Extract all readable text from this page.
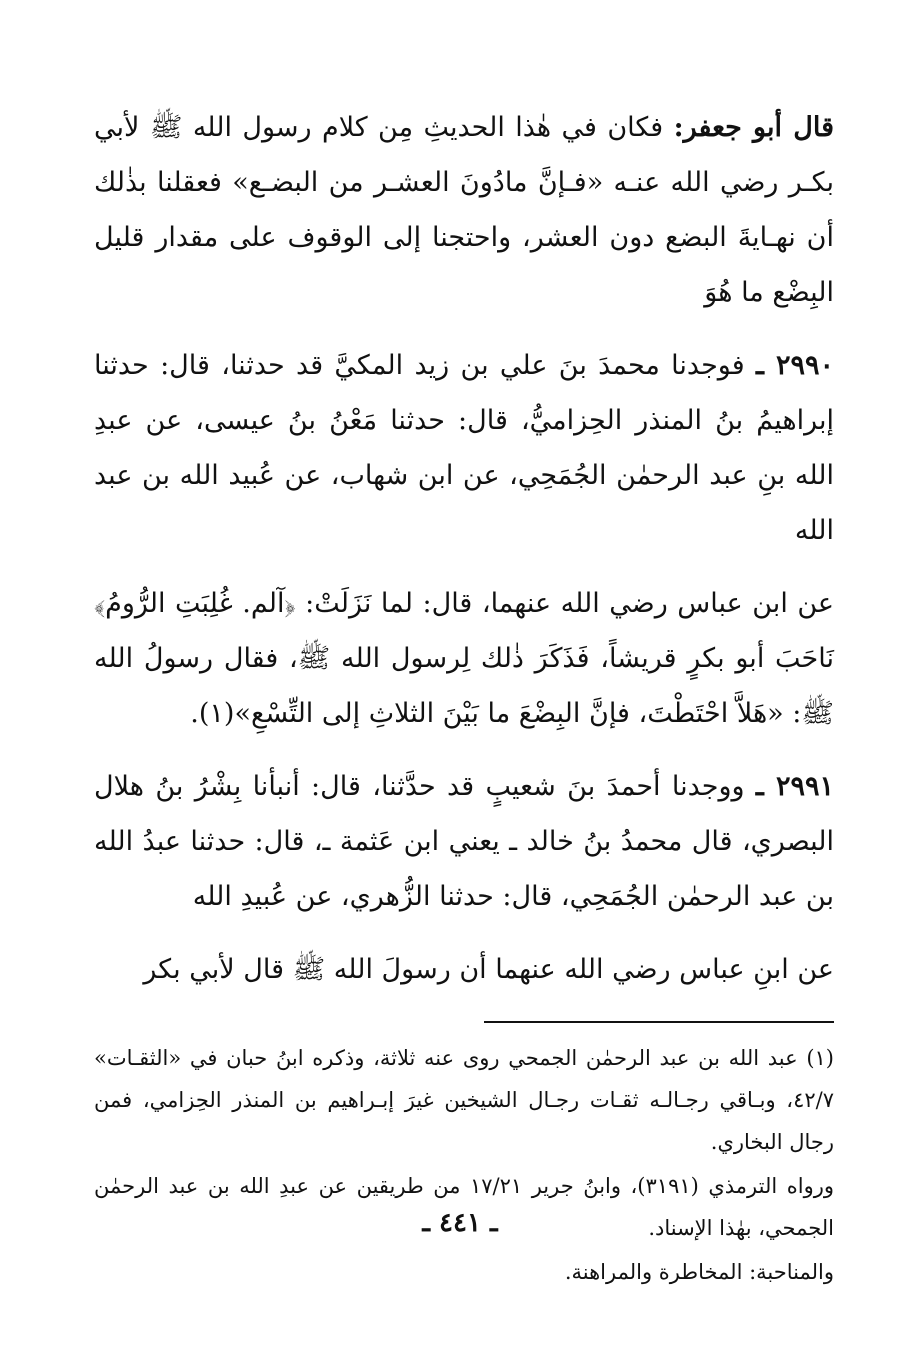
قال أبو جعفر: فكان في هٰذا الحديثِ مِن كلام رسول الله ﷺ لأبي بكـر رضي الله عنـه «فـإنَّ مادُونَ العشـر من البضـع» فعقلنا بذٰلك أن نهـايةَ البضع دون العشر، واحتجنا إلى الوقوف على مقدار قليل البِضْع ما هُوَ

٢٩٩٠ ـ فوجدنا محمدَ بنَ علي بن زيد المكيَّ قد حدثنا، قال: حدثنا إبراهيمُ بنُ المنذر الحِزاميُّ، قال: حدثنا مَعْنُ بنُ عيسى، عن عبدِ الله بنِ عبد الرحمٰن الجُمَحِي، عن ابن شهاب، عن عُبيد الله بن عبد الله

عن ابن عباس رضي الله عنهما، قال: لما نَزَلَتْ: ﴿آلم. غُلِبَتِ الرُّومُ﴾ نَاحَبَ أبو بكرٍ قريشاً، فَذَكَرَ ذٰلك لِرسول الله ﷺ، فقال رسولُ الله ﷺ: «هَلاَّ احْتَطْتَ، فإنَّ البِضْعَ ما بَيْنَ الثلاثِ إلى التِّسْعِ»(١).

٢٩٩١ ـ ووجدنا أحمدَ بنَ شعيبٍ قد حدَّثنا، قال: أنبأنا بِشْرُ بنُ هلال البصري، قال محمدُ بنُ خالد ـ يعني ابن عَثمة ـ، قال: حدثنا عبدُ الله بن عبد الرحمٰن الجُمَحِي، قال: حدثنا الزُّهري، عن عُبيدِ الله

عن ابنِ عباس رضي الله عنهما أن رسولَ الله ﷺ قال لأبي بكر

(١) عبد الله بن عبد الرحمٰن الجمحي روى عنه ثلاثة، وذكره ابنُ حبان في «الثقـات» ٤٢/٧، وبـاقي رجـالـه ثقـات رجـال الشيخين غيرَ إبـراهيم بن المنذر الحِزامي، فمن رجال البخاري.

ورواه الترمذي (٣١٩١)، وابنُ جرير ١٧/٢١ من طريقين عن عبدِ الله بن عبد الرحمٰن الجمحي، بهٰذا الإسناد.

والمناحبة: المخاطرة والمراهنة.

ـ ٤٤١ ـ
